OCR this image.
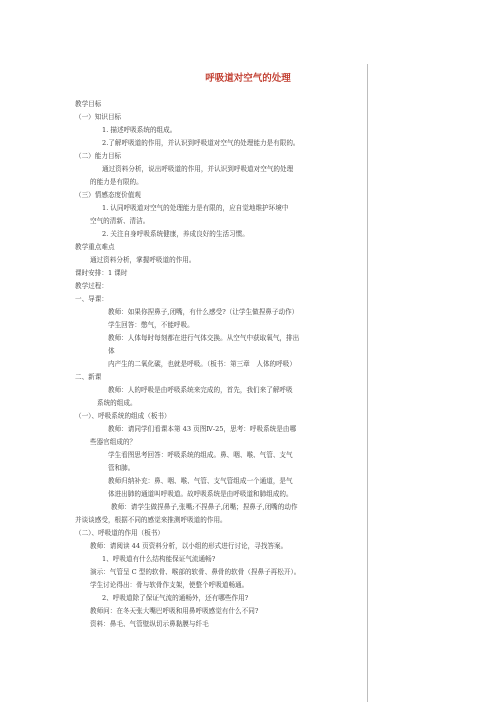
呼吸道对空气的处理
教学目标
（一）知识目标
1. 描述呼吸系统的组成。
2.了解呼吸道的作用，并认识到呼吸道对空气的处理能力是有限的。
（二）能力目标
通过资料分析，说出呼吸道的作用，并认识到呼吸道对空气的处理
的能力是有限的。
（三）情感态度价值观
1. 认同呼吸道对空气的处理能力是有限的，应自觉地维护环境中
空气的清新、清洁。
2. 关注自身呼吸系统健康，养成良好的生活习惯。
教学重点难点
通过资料分析，掌握呼吸道的作用。
课时安排：1 课时
教学过程：
一、导课：
教师：如果你捏鼻子,闭嘴，有什么感受?（让学生做捏鼻子动作）
学生回答：憋气，不能呼吸。
教师：人体每时每刻都在进行气体交换。从空气中获取氧气，排出
体
内产生的二氧化碳，也就是呼吸。（板书：第三章　人体的呼吸）
二、新课
教师：人的呼吸是由呼吸系统来完成的，首先，我们来了解呼吸
系统的组成。
（一）、呼吸系统的组成（板书）
教师：请同学们看课本第 43 页图Ⅳ-25，思考：呼吸系统是由哪
些器官组成的？
学生看图思考回答：呼吸系统的组成。鼻、咽、喉、气管、支气
管和肺。
教师归纳补充：鼻、咽、喉、气管、支气管组成一个通道，是气
体进出肺的通道叫呼吸道。故呼吸系统是由呼吸道和肺组成的。
教师：请学生做捏鼻子,张嘴;不捏鼻子,闭嘴；捏鼻子,闭嘴的动作
并谈谈感受，根据不同的感觉来推测呼吸道的作用。
（二）、呼吸道的作用（板书）
教师：请阅读 44 页资料分析，以小组的形式进行讨论，寻找答案。
1、呼吸道有什么结构能保证气流通畅?
演示：气管呈 C 型的软骨、喉部的软骨、鼻骨的软骨（捏鼻子再松开）。
学生讨论得出：骨与软骨作支架，使整个呼吸道畅通。
2、呼吸道除了保证气流的通畅外，还有哪些作用?
教师问：在冬天张大嘴巴呼吸和用鼻呼吸感觉有什么不同?
资料：鼻毛、气管壁纵切示鼻黏膜与纤毛
